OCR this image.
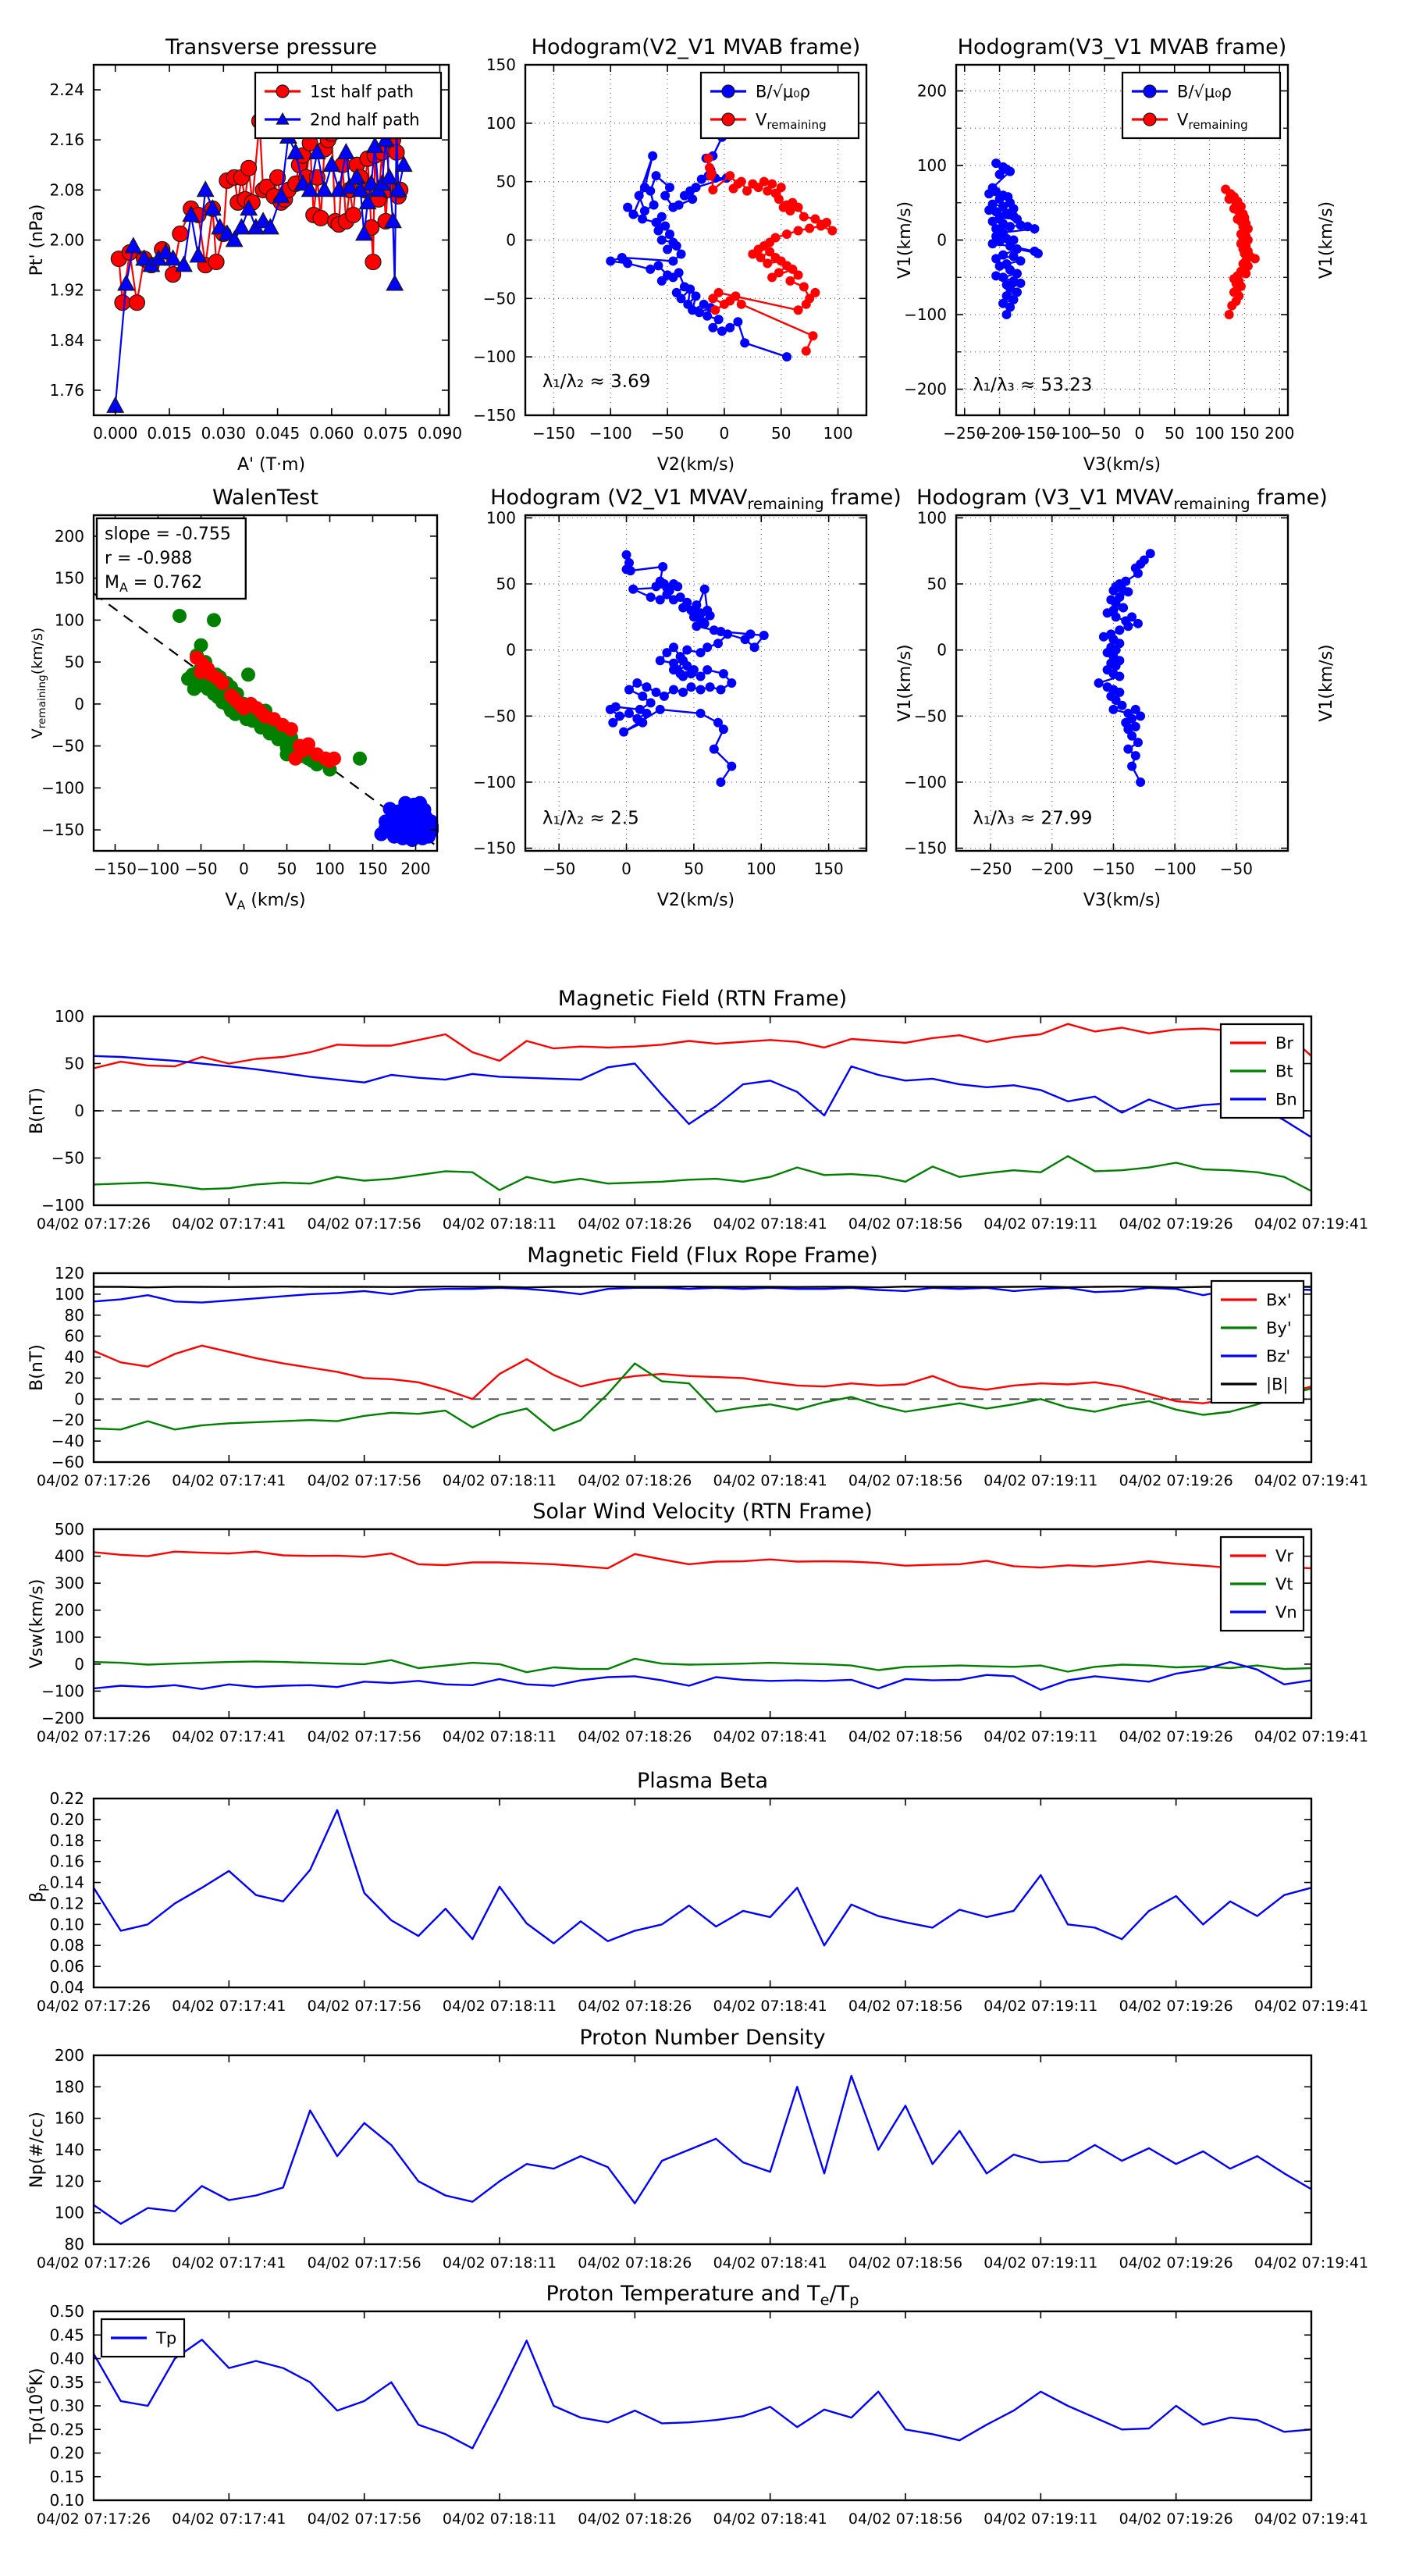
0.000 0.015 0.030 0.045 0.060 0.075 0.090
1.76
1.84
1.92
2.00
2.08
2.16
2.24
Transverse pressure
A' (T·m)
Pt' (nPa)
1st half path
2nd half path
−150 −100 −50 0	50 100
−150
−100
−50
0
50
100
150
Hodogram(V2_V1 MVAB frame)
V2(km/s)
V1(km/s)
λ₁/λ₂ ≈ 3.69
B/√μ₀ρ
$V_{remaining}$
−250
−200
−150
−100
−50 0 50 100 150 200
−200
−100
0
100
200
Hodogram(V3_V1 MVAB frame)
V3(km/s)
V1(km/s)
λ₁/λ₃ ≈ 53.23
B/√μ₀ρ
$V_{remaining}$
−150 −100 −50 0 50 100 150 200
−150
−100
−50
0
50
100
150
200
WalenTest
$V_A$ (km/s)
$V_{remaining}(km/s)$
slope = -0.755
r = -0.988
$M_A = 0.762$
−50	0	50	100 150
−150
−100
−50
0
50
100
Hodogram (V2_V1 $MVAV_{remaining}$ frame)
V2(km/s)
V1(km/s)
λ₁/λ₂ ≈ 2.5
−250 −200 −150 −100 −50
−150
−100
−50
0
50
100
Hodogram (V3_V1 $MVAV_{remaining}$ frame)
V3(km/s)
V1(km/s)
λ₁/λ₃ ≈ 27.99
04/02 07:17:26 04/02 07:17:41 04/02 07:17:56 04/02 07:18:11 04/02 07:18:26 04/02 07:18:41 04/02 07:18:56 04/02 07:19:11 04/02 07:19:26 04/02 07:19:41
−100
−50
0
50
100
Magnetic Field (RTN Frame)
B(nT)
Br
Bt
Bn
04/02 07:17:26 04/02 07:17:41 04/02 07:17:56 04/02 07:18:11 04/02 07:18:26 04/02 07:18:41 04/02 07:18:56 04/02 07:19:11 04/02 07:19:26 04/02 07:19:41
−60
−40
−20
0
20
40
60
80
100
120
Magnetic Field (Flux Rope Frame)
B(nT)
Bx'
By'
Bz'
|B|
04/02 07:17:26 04/02 07:17:41 04/02 07:17:56 04/02 07:18:11 04/02 07:18:26 04/02 07:18:41 04/02 07:18:56 04/02 07:19:11 04/02 07:19:26 04/02 07:19:41
−200
−100
0
100
200
300
400
500
Solar Wind Velocity (RTN Frame)
Vsw(km/s)
Vr
Vt
Vn
04/02 07:17:26 04/02 07:17:41 04/02 07:17:56 04/02 07:18:11 04/02 07:18:26 04/02 07:18:41 04/02 07:18:56 04/02 07:19:11 04/02 07:19:26 04/02 07:19:41
0.04
0.06
0.08
0.10
0.12
0.14
0.16
0.18
0.20
0.22
Plasma Beta
$\beta_p$
04/02 07:17:26 04/02 07:17:41 04/02 07:17:56 04/02 07:18:11 04/02 07:18:26 04/02 07:18:41 04/02 07:18:56 04/02 07:19:11 04/02 07:19:26 04/02 07:19:41
80
100
120
140
160
180
200
Proton Number Density
Np(#/cc)
04/02 07:17:26 04/02 07:17:41 04/02 07:17:56 04/02 07:18:11 04/02 07:18:26 04/02 07:18:41 04/02 07:18:56 04/02 07:19:11 04/02 07:19:26 04/02 07:19:41
0.10
0.15
0.20
0.25
0.30
0.35
0.40
0.45
0.50
Proton Temperature and $T_e/T_p$
$Tp(10^6K)$
Tp
